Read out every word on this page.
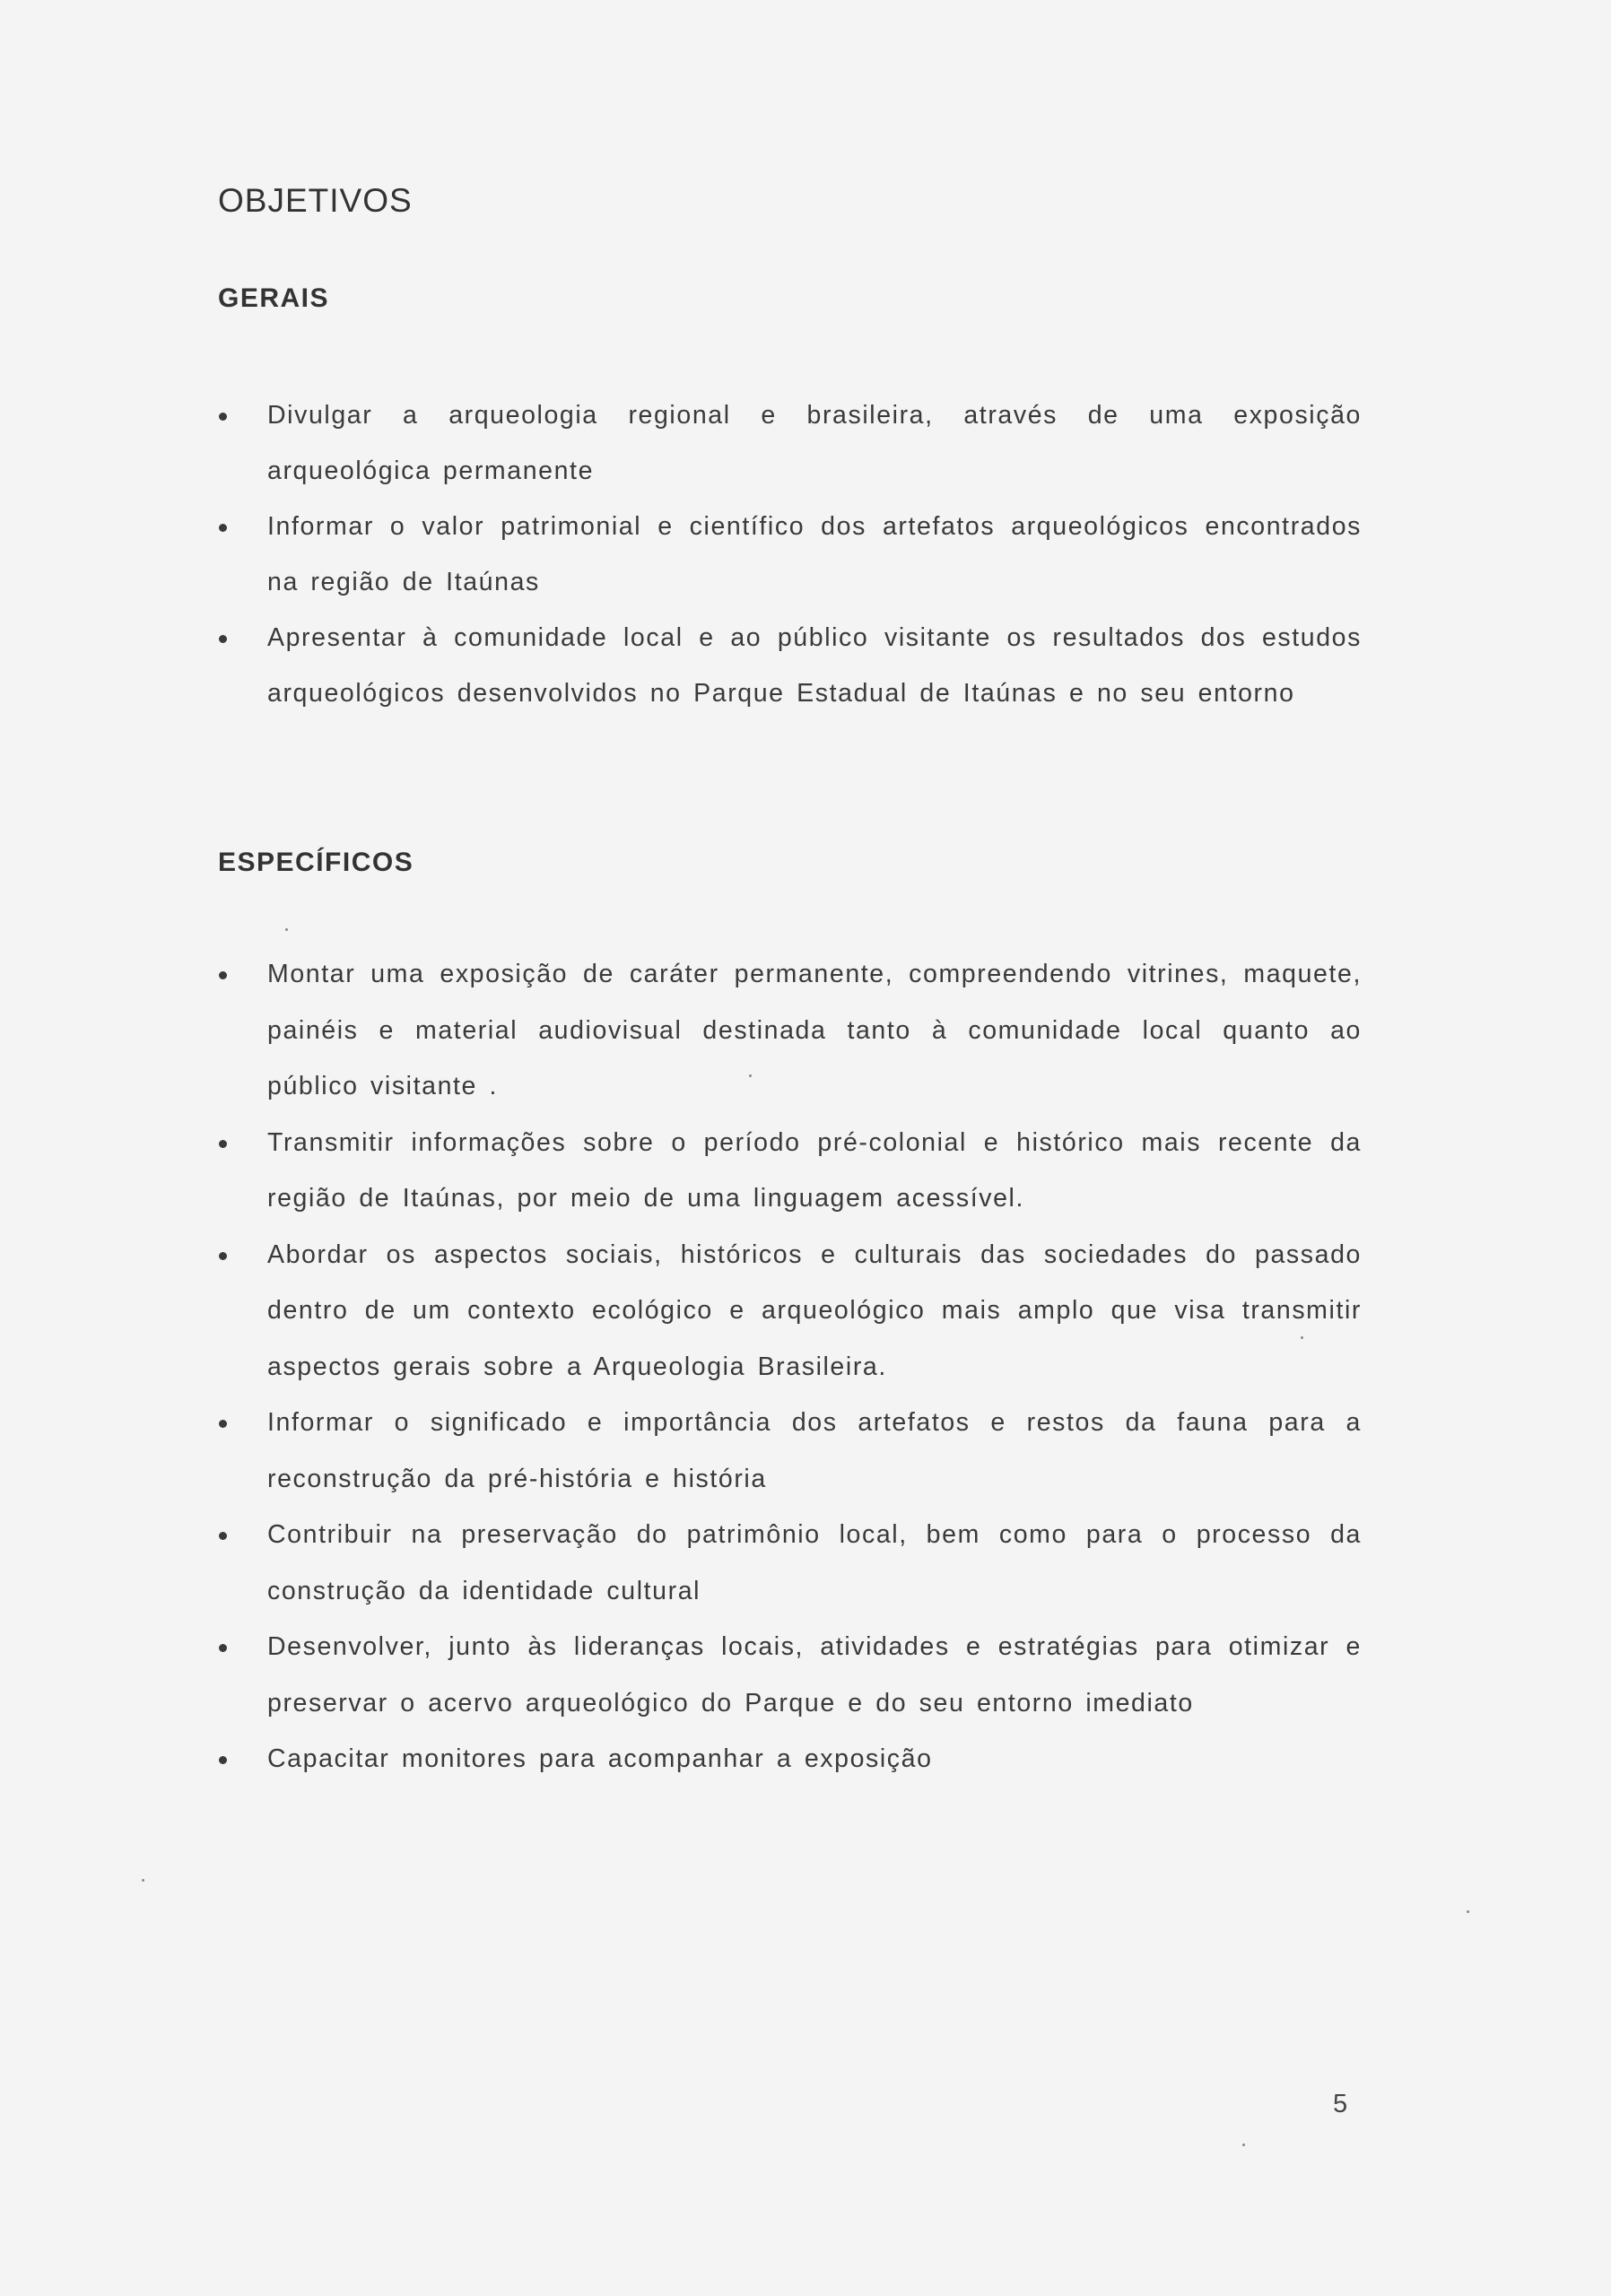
OBJETIVOS
GERAIS
Divulgar a arqueologia regional e brasileira, através de uma exposição arqueológica permanente
Informar o valor patrimonial e científico dos artefatos arqueológicos encontrados na região de Itaúnas
Apresentar à comunidade local e ao público visitante os resultados dos estudos arqueológicos desenvolvidos no Parque Estadual de Itaúnas e no seu entorno
ESPECÍFICOS
Montar uma exposição de caráter permanente, compreendendo vitrines, maquete, painéis e material audiovisual destinada tanto à comunidade local quanto ao público visitante .
Transmitir informações sobre o período pré-colonial e histórico mais recente da região de Itaúnas, por meio de uma linguagem acessível.
Abordar os aspectos sociais, históricos e culturais das sociedades do passado dentro de um contexto ecológico e arqueológico mais amplo que visa transmitir aspectos gerais sobre a Arqueologia Brasileira.
Informar o significado e importância dos artefatos e restos da fauna para a reconstrução da pré-história e história
Contribuir na preservação do patrimônio local, bem como para o processo da construção da identidade cultural
Desenvolver, junto às lideranças locais, atividades e estratégias para otimizar e preservar o acervo arqueológico do Parque e do seu entorno imediato
Capacitar monitores para acompanhar a exposição
5
